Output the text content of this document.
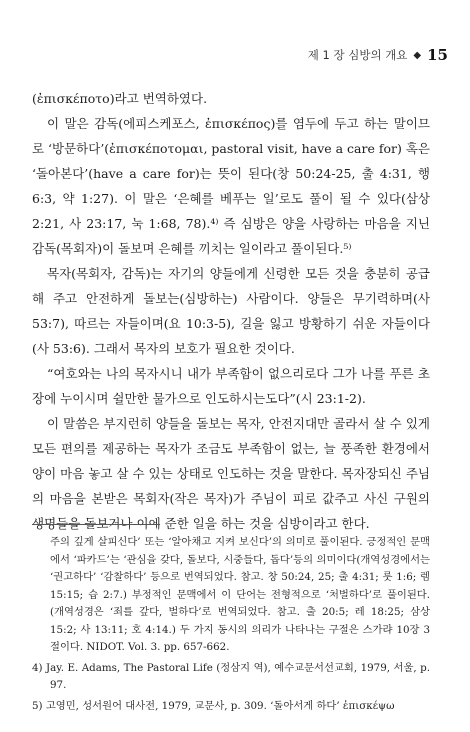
제 1 장 심방의 개요 ◆ 15

(ἐπισκέποτο)라고 번역하였다.

이 말은 감독(에피스케포스, ἐπισκέπος)를 염두에 두고 하는 말이므로 ‘방문하다’(ἐπισκέποτομαι, pastoral visit, have a care for) 혹은 ‘돌아본다’(have a care for)는 뜻이 된다(창 50:24-25, 출 4:31, 행 6:3, 약 1:27). 이 말은 ‘은혜를 베푸는 일’로도 풀이 될 수 있다(삼상 2:21, 사 23:17, 눅 1:68, 78).⁴⁾ 즉 심방은 양을 사랑하는 마음을 지닌 감독(목회자)이 돌보며 은혜를 끼치는 일이라고 풀이된다.⁵⁾

목자(목회자, 감독)는 자기의 양들에게 신령한 모든 것을 충분히 공급해 주고 안전하게 돌보는(심방하는) 사람이다. 양들은 무기력하며(사 53:7), 따르는 자들이며(요 10:3-5), 길을 잃고 방황하기 쉬운 자들이다(사 53:6). 그래서 목자의 보호가 필요한 것이다.

“여호와는 나의 목자시니 내가 부족함이 없으리로다 그가 나를 푸른 초장에 누이시며 쉴만한 물가으로 인도하시는도다”(시 23:1-2).

이 말씀은 부지런히 양들을 돌보는 목자, 안전지대만 골라서 살 수 있게 모든 편의를 제공하는 목자가 조금도 부족함이 없는, 늘 풍족한 환경에서 양이 마음 놓고 살 수 있는 상태로 인도하는 것을 말한다. 목자장되신 주님의 마음을 본받은 목회자(작은 목자)가 주님이 피로 값주고 사신 구원의 생명들을 돌보거나 이에 준한 일을 하는 것을 심방이라고 한다.

주의 깊게 살피신다’ 또는 ‘알아채고 지켜 보신다’의 의미로 풀이된다. 긍정적인 문맥에서 ‘파카드’는 ‘관심을 갖다, 돌보다, 시중들다, 돕다’등의 의미이다(개역성경에서는 ‘권고하다’ ‘감찰하다’ 등으로 번역되었다. 참고. 창 50:24, 25; 출 4:31; 룻 1:6; 렘 15:15; 습 2:7.) 부정적인 문맥에서 이 단어는 전형적으로 ‘처벌하다’로 풀이된다. (개역성경은 ‘죄를 갚다, 벌하다’로 번역되었다. 참고. 출 20:5; 레 18:25; 삼상 15:2; 사 13:11; 호 4:14.) 두 가지 동시의 의리가 나타나는 구절은 스가랴 10장 3절이다. NIDOT. Vol. 3. pp. 657-662.

4) Jay. E. Adams, The Pastoral Life (정삼지 역), 예수교문서선교회, 1979, 서울, p. 97.

5) 고영민, 성서원어 대사전, 1979, 교문사, p. 309. ‘돌아서게 하다’ ἐπισκέψω
